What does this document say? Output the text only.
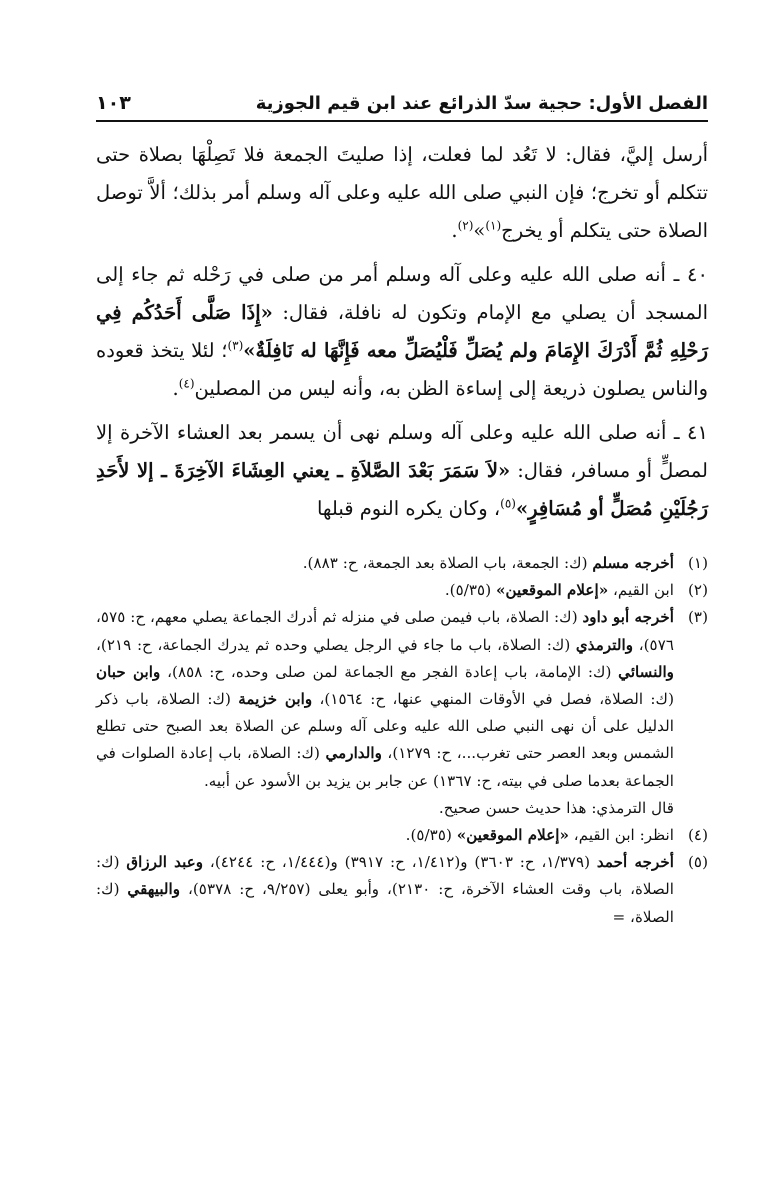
الفصل الأول: حجية سدّ الذرائع عند ابن قيم الجوزية
١٠٣

أرسل إليَّ، فقال: لا تَعُد لما فعلت، إذا صليتَ الجمعة فلا تَصِلْهَا بصلاة حتى تتكلم أو تخرج؛ فإن النبي صلى الله عليه وعلى آله وسلم أمر بذلك؛ ألاَّ توصل الصلاة حتى يتكلم أو يخرج$^{(١)}$»$^{(٢)}$.

٤٠ ـ أنه صلى الله عليه وعلى آله وسلم أمر من صلى في رَحْله ثم جاء إلى المسجد أن يصلي مع الإمام وتكون له نافلة، فقال: «إِذَا صَلَّى أَحَدُكُم فِي رَحْلِهِ ثُمَّ أَدْرَكَ الإِمَامَ ولم يُصَلِّ فَلْيُصَلِّ معه فَإِنَّهَا له نَافِلَةٌ»$^{(٣)}$؛ لئلا يتخذ قعوده والناس يصلون ذريعة إلى إساءة الظن به، وأنه ليس من المصلين$^{(٤)}$.

٤١ ـ أنه صلى الله عليه وعلى آله وسلم نهى أن يسمر بعد العشاء الآخرة إلا لمصلٍّ أو مسافر، فقال: «لاَ سَمَرَ بَعْدَ الصَّلاَةِ ـ يعني العِشَاءَ الآخِرَةَ ـ إلا لأَحَدِ رَجُلَيْنِ مُصَلٍّ أو مُسَافِرٍ»$^{(٥)}$، وكان يكره النوم قبلها

(١)
أخرجه مسلم (ك: الجمعة، باب الصلاة بعد الجمعة، ح: ٨٨٣).
(٢)
ابن القيم، «إعلام الموقعين» (٥/٣٥).
(٣)
أخرجه أبو داود (ك: الصلاة، باب فيمن صلى في منزله ثم أدرك الجماعة يصلي معهم، ح: ٥٧٥، ٥٧٦)، والترمذي (ك: الصلاة، باب ما جاء في الرجل يصلي وحده ثم يدرك الجماعة، ح: ٢١٩)، والنسائي (ك: الإمامة، باب إعادة الفجر مع الجماعة لمن صلى وحده، ح: ٨٥٨)، وابن حبان (ك: الصلاة، فصل في الأوقات المنهي عنها، ح: ١٥٦٤)، وابن خزيمة (ك: الصلاة، باب ذكر الدليل على أن نهى النبي صلى الله عليه وعلى آله وسلم عن الصلاة بعد الصبح حتى تطلع الشمس وبعد العصر حتى تغرب...، ح: ١٢٧٩)، والدارمي (ك: الصلاة، باب إعادة الصلوات في الجماعة بعدما صلى في بيته، ح: ١٣٦٧) عن جابر بن يزيد بن الأسود عن أبيه.
قال الترمذي: هذا حديث حسن صحيح.
(٤)
انظر: ابن القيم، «إعلام الموقعين» (٥/٣٥).
(٥)
أخرجه أحمد (١/٣٧٩، ح: ٣٦٠٣) و(١/٤١٢، ح: ٣٩١٧) و(١/٤٤٤، ح: ٤٢٤٤)، وعبد الرزاق (ك: الصلاة، باب وقت العشاء الآخرة، ح: ٢١٣٠)، وأبو يعلى (٩/٢٥٧، ح: ٥٣٧٨)، والبيهقي (ك: الصلاة، =
